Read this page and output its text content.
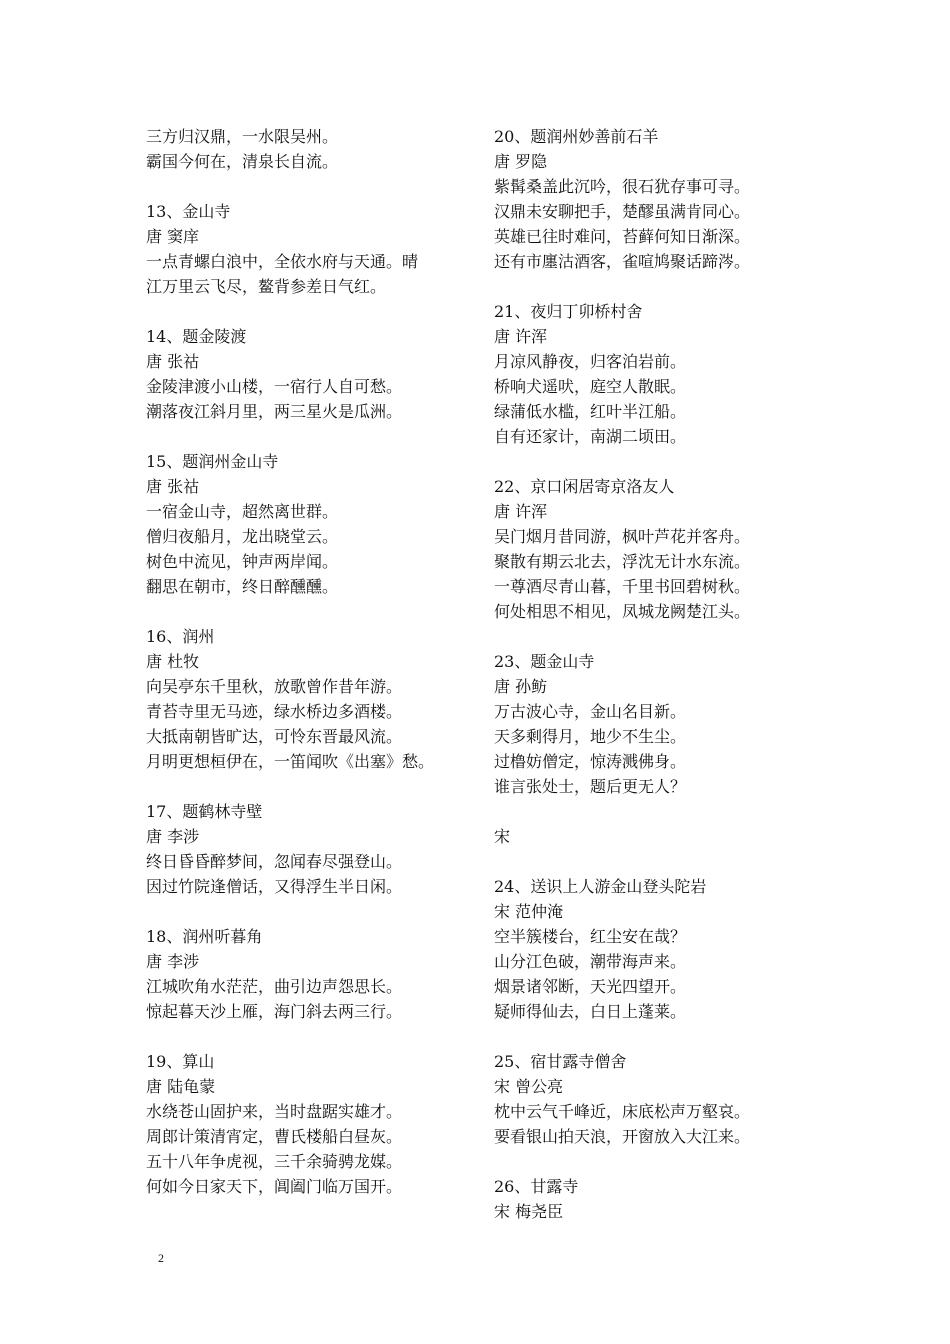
三方归汉鼎，一水限吴州。
霸国今何在，清泉长自流。
13、金山寺
唐 窦庠
一点青螺白浪中，全依水府与天通。晴
江万里云飞尽，鳌背参差日气红。
14、题金陵渡
唐 张祜
金陵津渡小山楼，一宿行人自可愁。
潮落夜江斜月里，两三星火是瓜洲。
15、题润州金山寺
唐 张祜
一宿金山寺，超然离世群。
僧归夜船月，龙出晓堂云。
树色中流见，钟声两岸闻。
翻思在朝市，终日醉醺醺。
16、润州
唐 杜牧
向吴亭东千里秋，放歌曾作昔年游。
青苔寺里无马迹，绿水桥边多酒楼。
大抵南朝皆旷达，可怜东晋最风流。
月明更想桓伊在，一笛闻吹《出塞》愁。
17、题鹤林寺壁
唐 李涉
终日昏昏醉梦间，忽闻春尽强登山。
因过竹院逢僧话，又得浮生半日闲。
18、润州听暮角
唐 李涉
江城吹角水茫茫，曲引边声怨思长。
惊起暮天沙上雁，海门斜去两三行。
19、算山
唐 陆龟蒙
水绕苍山固护来，当时盘踞实雄才。
周郎计策清宵定，曹氏楼船白昼灰。
五十八年争虎视，三千余骑骋龙媒。
何如今日家天下，阊阖门临万国开。
20、题润州妙善前石羊
唐 罗隐
紫髯桑盖此沉吟，很石犹存事可寻。
汉鼎未安聊把手，楚醪虽满肯同心。
英雄已往时难问，苔藓何知日渐深。
还有市廛沽酒客，雀喧鸠聚话蹄涔。
21、夜归丁卯桥村舍
唐 许浑
月凉风静夜，归客泊岩前。
桥响犬遥吠，庭空人散眠。
绿蒲低水槛，红叶半江船。
自有还家计，南湖二顷田。
22、京口闲居寄京洛友人
唐 许浑
吴门烟月昔同游，枫叶芦花并客舟。
聚散有期云北去，浮沈无计水东流。
一尊酒尽青山暮，千里书回碧树秋。
何处相思不相见，凤城龙阙楚江头。
23、题金山寺
唐 孙鲂
万古波心寺，金山名目新。
天多剩得月，地少不生尘。
过橹妨僧定，惊涛溅佛身。
谁言张处士，题后更无人？
宋
24、送识上人游金山登头陀岩
宋 范仲淹
空半簇楼台，红尘安在哉？
山分江色破，潮带海声来。
烟景诸邻断，天光四望开。
疑师得仙去，白日上蓬莱。
25、宿甘露寺僧舍
宋 曾公亮
枕中云气千峰近，床底松声万壑哀。
要看银山拍天浪，开窗放入大江来。
26、甘露寺
宋 梅尧臣
2
